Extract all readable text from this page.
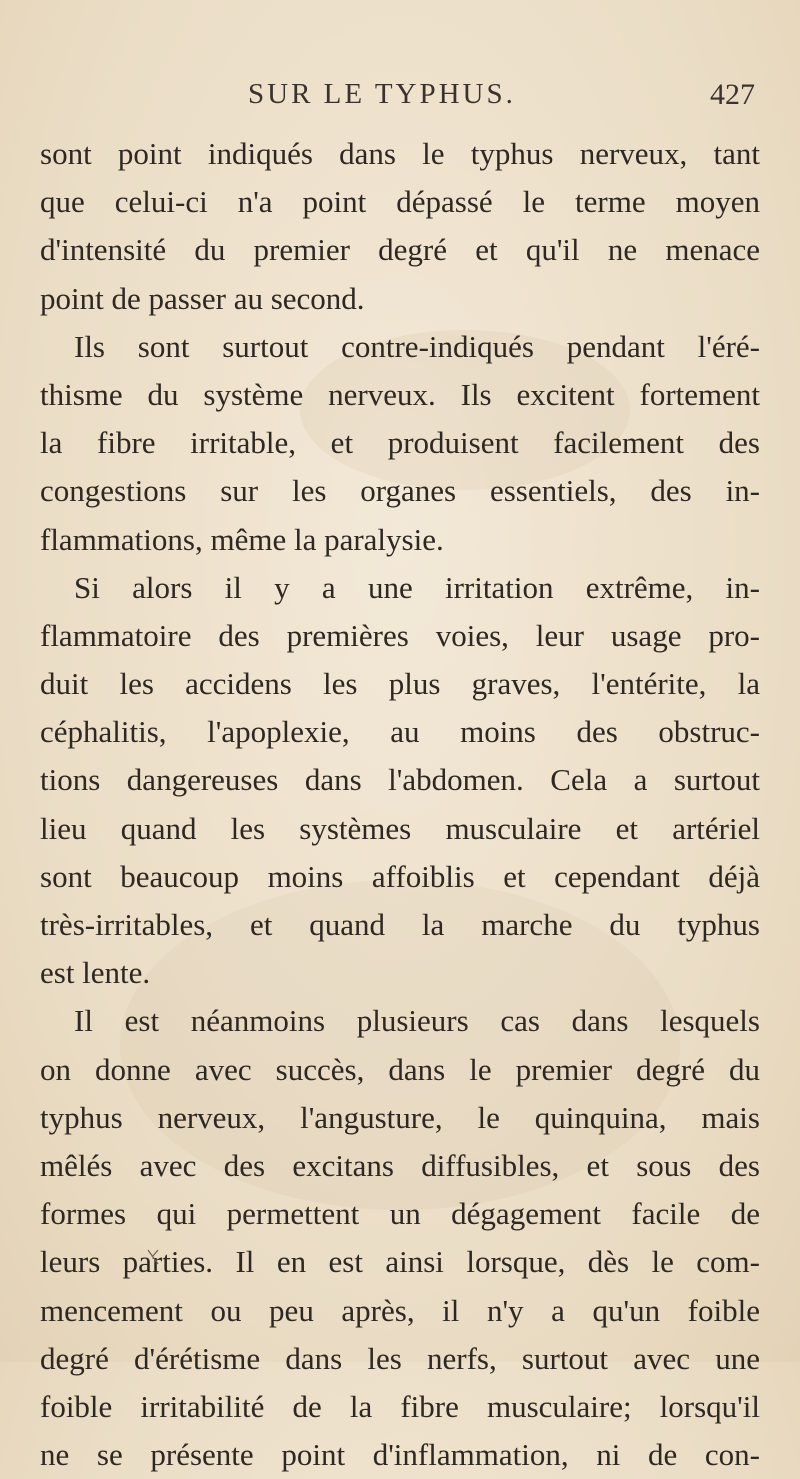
SUR LE TYPHUS.	427
sont point indiqués dans le typhus nerveux, tant
que celui-ci n'a point dépassé le terme moyen
d'intensité du premier degré et qu'il ne menace
point de passer au second.
Ils sont surtout contre-indiqués pendant l'éré-
thisme du système nerveux. Ils excitent fortement
la fibre irritable, et produisent facilement des
congestions sur les organes essentiels, des in-
flammations, même la paralysie.
Si alors il y a une irritation extrême, in-
flammatoire des premières voies, leur usage pro-
duit les accidens les plus graves, l'entérite, la
céphalitis, l'apoplexie, au moins des obstruc-
tions dangereuses dans l'abdomen. Cela a surtout
lieu quand les systèmes musculaire et artériel
sont beaucoup moins affoiblis et cependant déjà
très-irritables, et quand la marche du typhus
est lente.
Il est néanmoins plusieurs cas dans lesquels
on donne avec succès, dans le premier degré du
typhus nerveux, l'angusture, le quinquina, mais
mêlés avec des excitans diffusibles, et sous des
formes qui permettent un dégagement facile de
leurs parties. Il en est ainsi lorsque, dès le com-
mencement ou peu après, il n'y a qu'un foible
degré d'érétisme dans les nerfs, surtout avec une
foible irritabilité de la fibre musculaire; lorsqu'il
ne se présente point d'inflammation, ni de con-
